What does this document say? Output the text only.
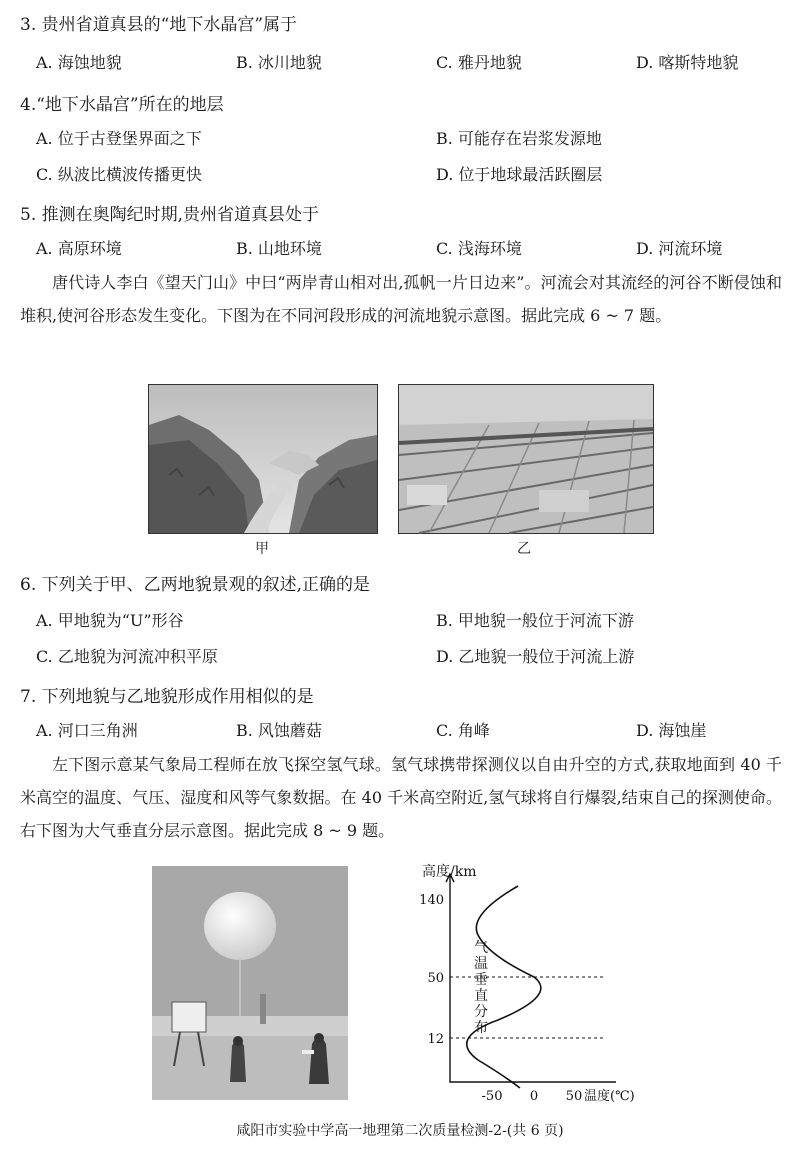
3. 贵州省道真县的“地下水晶宫”属于
A. 海蚀地貌	B. 冰川地貌	C. 雅丹地貌	D. 喀斯特地貌
4.“地下水晶宫”所在的地层
A. 位于古登堡界面之下	B. 可能存在岩浆发源地
C. 纵波比横波传播更快	D. 位于地球最活跃圈层
5. 推测在奥陶纪时期,贵州省道真县处于
A. 高原环境	B. 山地环境	C. 浅海环境	D. 河流环境
唐代诗人李白《望天门山》中曰“两岸青山相对出,孤帆一片日边来”。河流会对其流经的河谷不断侵蚀和堆积,使河谷形态发生变化。下图为在不同河段形成的河流地貌示意图。据此完成 6 ~ 7 题。
甲	乙
6. 下列关于甲、乙两地貌景观的叙述,正确的是
A. 甲地貌为“U”形谷	B. 甲地貌一般位于河流下游
C. 乙地貌为河流冲积平原	D. 乙地貌一般位于河流上游
7. 下列地貌与乙地貌形成作用相似的是
A. 河口三角洲	B. 风蚀蘑菇	C. 角峰	D. 海蚀崖
左下图示意某气象局工程师在放飞探空氢气球。氢气球携带探测仪以自由升空的方式,获取地面到 40 千米高空的温度、气压、湿度和风等气象数据。在 40 千米高空附近,氢气球将自行爆裂,结束自己的探测使命。右下图为大气垂直分层示意图。据此完成 8 ~ 9 题。
高度/km
140
50
12
-50 0 50 温度(℃)
气
温
垂
直
分
布
咸阳市实验中学高一地理第二次质量检测-2-(共 6 页)
